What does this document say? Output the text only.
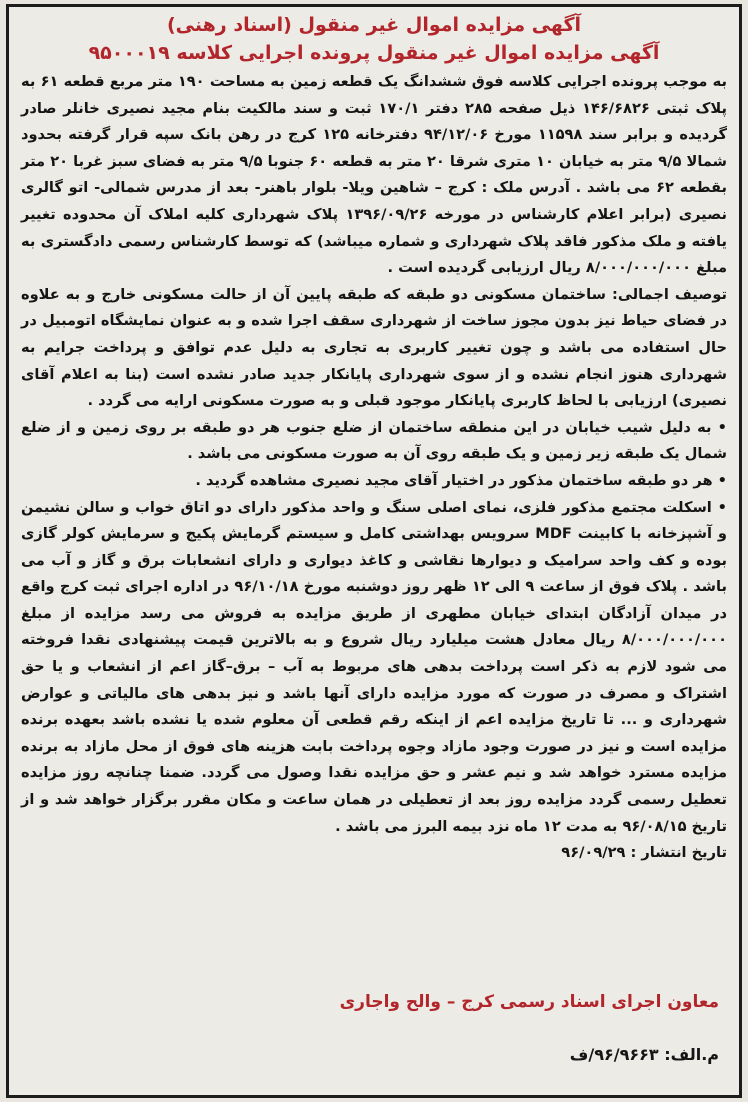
آگهی مزایده اموال غیر منقول (اسناد رهنی)
آگهی مزایده اموال غیر منقول پرونده اجرایی کلاسه ۹۵۰۰۰۱۹

به موجب پرونده اجرایی کلاسه فوق ششدانگ یک قطعه زمین به مساحت ۱۹۰ متر مربع قطعه ۶۱ به پلاک ثبتی ۱۴۶/۶۸۲۶ ذیل صفحه ۲۸۵ دفتر ۱۷۰/۱ ثبت و سند مالکیت بنام مجید نصیری خانلر صادر گردیده و برابر سند ۱۱۵۹۸ مورخ ۹۴/۱۲/۰۶ دفترخانه ۱۲۵ کرج در رهن بانک سپه قرار گرفته بحدود شمالا ۹/۵ متر به خیابان ۱۰ متری شرقا ۲۰ متر به قطعه ۶۰ جنوبا ۹/۵ متر به فضای سبز غربا ۲۰ متر بقطعه ۶۲ می باشد . آدرس ملک : کرج – شاهین ویلا- بلوار باهنر- بعد از مدرس شمالی- اتو گالری نصیری (برابر اعلام کارشناس در مورخه ۱۳۹۶/۰۹/۲۶ پلاک شهرداری کلیه املاک آن محدوده تغییر یافته و ملک مذکور فاقد پلاک شهرداری و شماره میباشد) که توسط کارشناس رسمی دادگستری به مبلغ ۸/۰۰۰/۰۰۰/۰۰۰ ریال ارزیابی گردیده است .

توصیف اجمالی: ساختمان مسکونی دو طبقه که طبقه پایین آن از حالت مسکونی خارج و به علاوه در فضای حیاط نیز بدون مجوز ساخت از شهرداری سقف اجرا شده و به عنوان نمایشگاه اتومبیل در حال استفاده می باشد و چون تغییر کاربری به تجاری به دلیل عدم توافق و پرداخت جرایم به شهرداری هنوز انجام نشده و از سوی شهرداری پایانکار جدید صادر نشده است (بنا به اعلام آقای نصیری) ارزیابی با لحاظ کاربری پایانکار موجود قبلی و به صورت مسکونی ارایه می گردد .

• به دلیل شیب خیابان در این منطقه ساختمان از ضلع جنوب هر دو طبقه بر روی زمین و از ضلع شمال یک طبقه زیر زمین و یک طبقه روی آن به صورت مسکونی می باشد .

• هر دو طبقه ساختمان مذکور در اختیار آقای مجید نصیری مشاهده گردید .

• اسکلت مجتمع مذکور فلزی، نمای اصلی سنگ و واحد مذکور دارای دو اتاق خواب و سالن نشیمن و آشپزخانه با کابینت MDF سرویس بهداشتی کامل و سیستم گرمایش پکیج و سرمایش کولر گازی بوده و کف واحد سرامیک و دیوارها نقاشی و کاغذ دیواری و دارای انشعابات برق و گاز و آب می باشد . پلاک فوق از ساعت ۹ الی ۱۲ ظهر روز دوشنبه مورخ ۹۶/۱۰/۱۸ در اداره اجرای ثبت کرج واقع در میدان آزادگان ابتدای خیابان مطهری از طریق مزایده به فروش می رسد مزایده از مبلغ ۸/۰۰۰/۰۰۰/۰۰۰ ریال معادل هشت میلیارد ریال شروع و به بالاترین قیمت پیشنهادی نقدا فروخته می شود لازم به ذکر است پرداخت بدهی های مربوط به آب – برق–گاز اعم از انشعاب و یا حق اشتراک و مصرف در صورت که مورد مزایده دارای آنها باشد و نیز بدهی های مالیاتی و عوارض شهرداری و ... تا تاریخ مزایده اعم از اینکه رقم قطعی آن معلوم شده یا نشده باشد بعهده برنده مزایده است و نیز در صورت وجود مازاد وجوه پرداخت بابت هزینه های فوق از محل مازاد به برنده مزایده مسترد خواهد شد و نیم عشر و حق مزایده نقدا وصول می گردد. ضمنا چنانچه روز مزایده تعطیل رسمی گردد مزایده روز بعد از تعطیلی در همان ساعت و مکان مقرر برگزار خواهد شد و از تاریخ ۹۶/۰۸/۱۵ به مدت ۱۲ ماه نزد بیمه البرز می باشد .

تاریخ انتشار : ۹۶/۰۹/۲۹

معاون اجرای اسناد رسمی کرج – والح واجاری
م.الف: ۹۶/۹۶۶۳/ف
